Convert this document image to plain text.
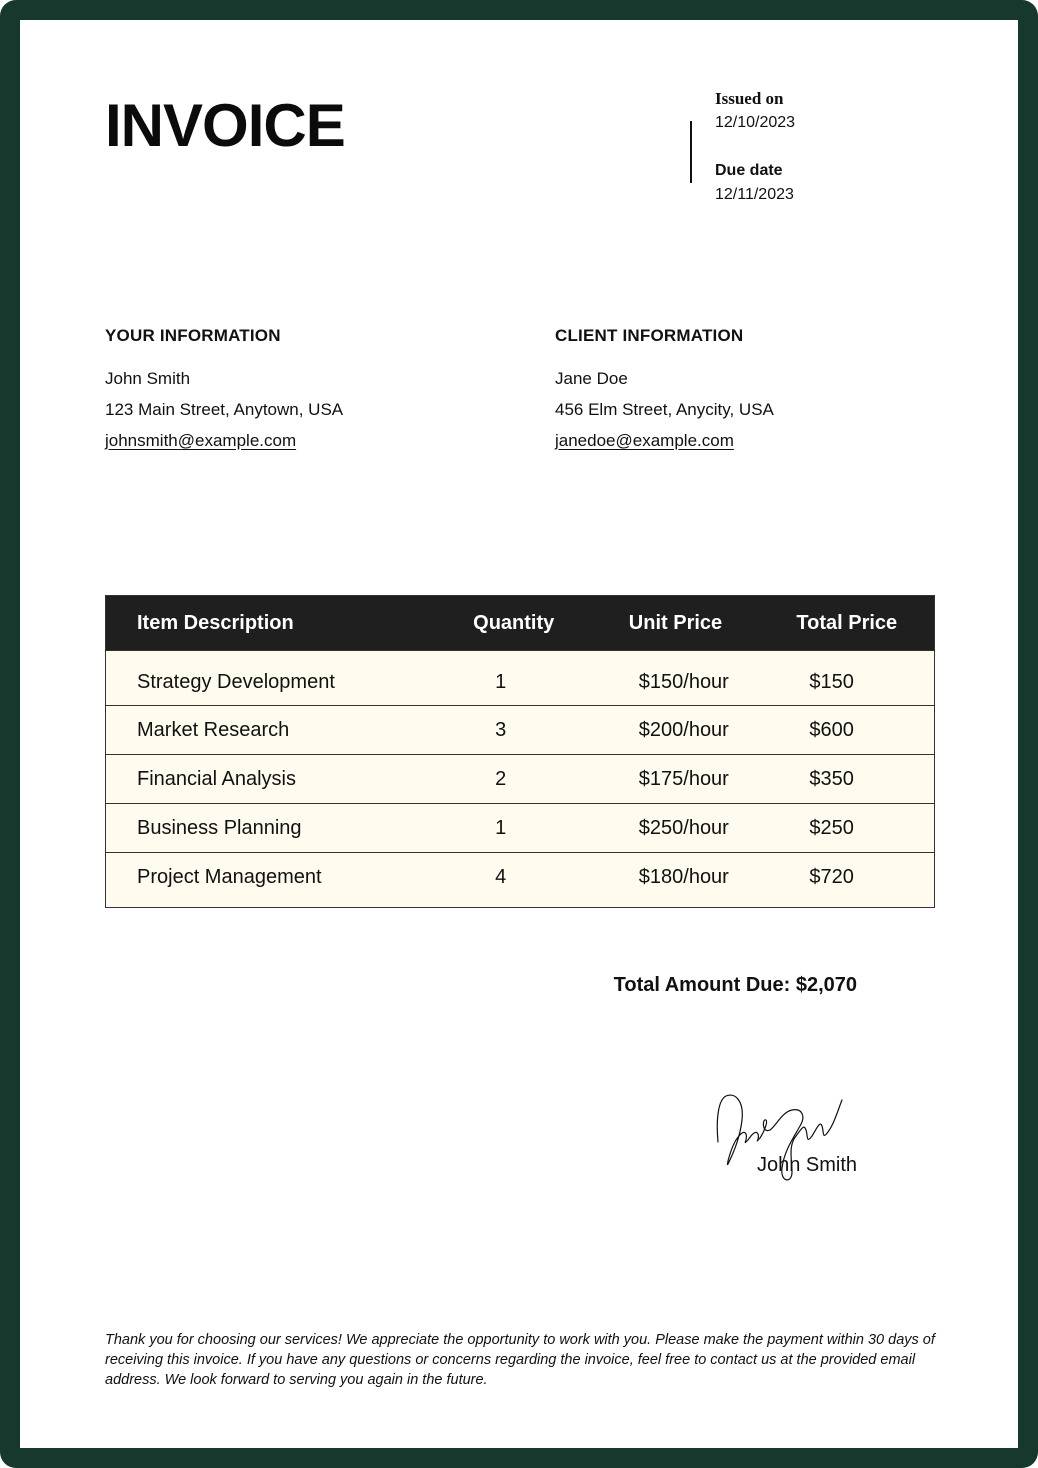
INVOICE	Issued on
12/10/2023
Due date
12/11/2023
YOUR INFORMATION
John Smith
123 Main Street, Anytown, USA
johnsmith@example.com
CLIENT INFORMATION
Jane Doe
456 Elm Street, Anycity, USA
janedoe@example.com
Item Description	Quantity	Unit Price	Total Price
Strategy Development	1	$150/hour	$150
Market Research	3	$200/hour	$600
Financial Analysis	2	$175/hour	$350
Business Planning	1	$250/hour	$250
Project Management	4	$180/hour	$720
Total Amount Due: $2,070
John Smith
Thank you for choosing our services! We appreciate the opportunity to work with you. Please make the payment within 30 days of receiving this invoice. If you have any questions or concerns regarding the invoice, feel free to contact us at the provided email address. We look forward to serving you again in the future.
